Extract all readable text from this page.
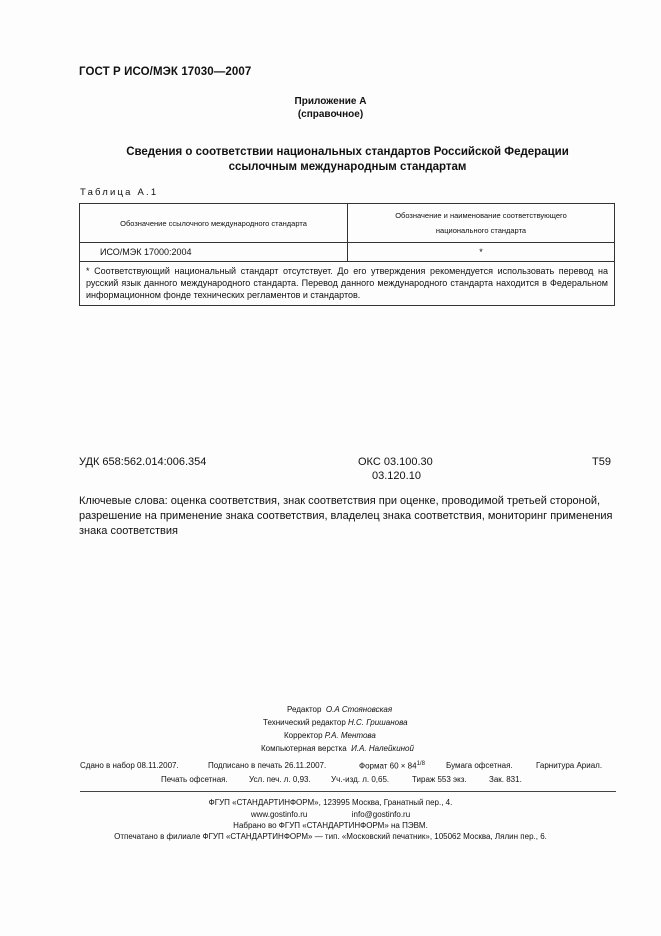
ГОСТ Р ИСО/МЭК 17030—2007
Приложение А
(справочное)
Сведения о соответствии национальных стандартов Российской Федерации
ссылочным международным стандартам
Таблица А.1
Обозначение ссылочного международного стандарта	Обозначение и наименование соответствующего
национального стандарта

ИСО/МЭК 17000:2004	*
* Соответствующий национальный стандарт отсутствует. До его утверждения рекомендуется использовать перевод на русский язык данного международного стандарта. Перевод данного международного стандарта находится в Федеральном информационном фонде технических регламентов и стандартов.	
УДК 658:562.014:006.354	ОКС 03.100.30
03.120.10
Т59
Ключевые слова: оценка соответствия, знак соответствия при оценке, проводимой третьей стороной, разрешение на применение знака соответствия, владелец знака соответствия, мониторинг применения знака соответствия
Редактор О.А Стояновская
Технический редактор Н.С. Гришанова
Корректор Р.А. Ментова
Компьютерная верстка И.А. Налейкиной
Сдано в набор 08.11.2007.	Подписано в печать 26.11.2007.	Формат $60 \times 84^{1/8}$	Бумага офсетная.	Гарнитура Ариал.
Печать офсетная.	Усл. печ. л. 0,93.	Уч.-изд. л. 0,65.	Тираж 553 экз.	Зак. 831.
ФГУП «СТАНДАРТИНФОРМ», 123995 Москва, Гранатный пер., 4.
www.gostinfo.ru	info@gostinfo.ru
Набрано во ФГУП «СТАНДАРТИНФОРМ» на ПЭВМ.
Отпечатано в филиале ФГУП «СТАНДАРТИНФОРМ» — тип. «Московский печатник», 105062 Москва, Лялин пер., 6.
